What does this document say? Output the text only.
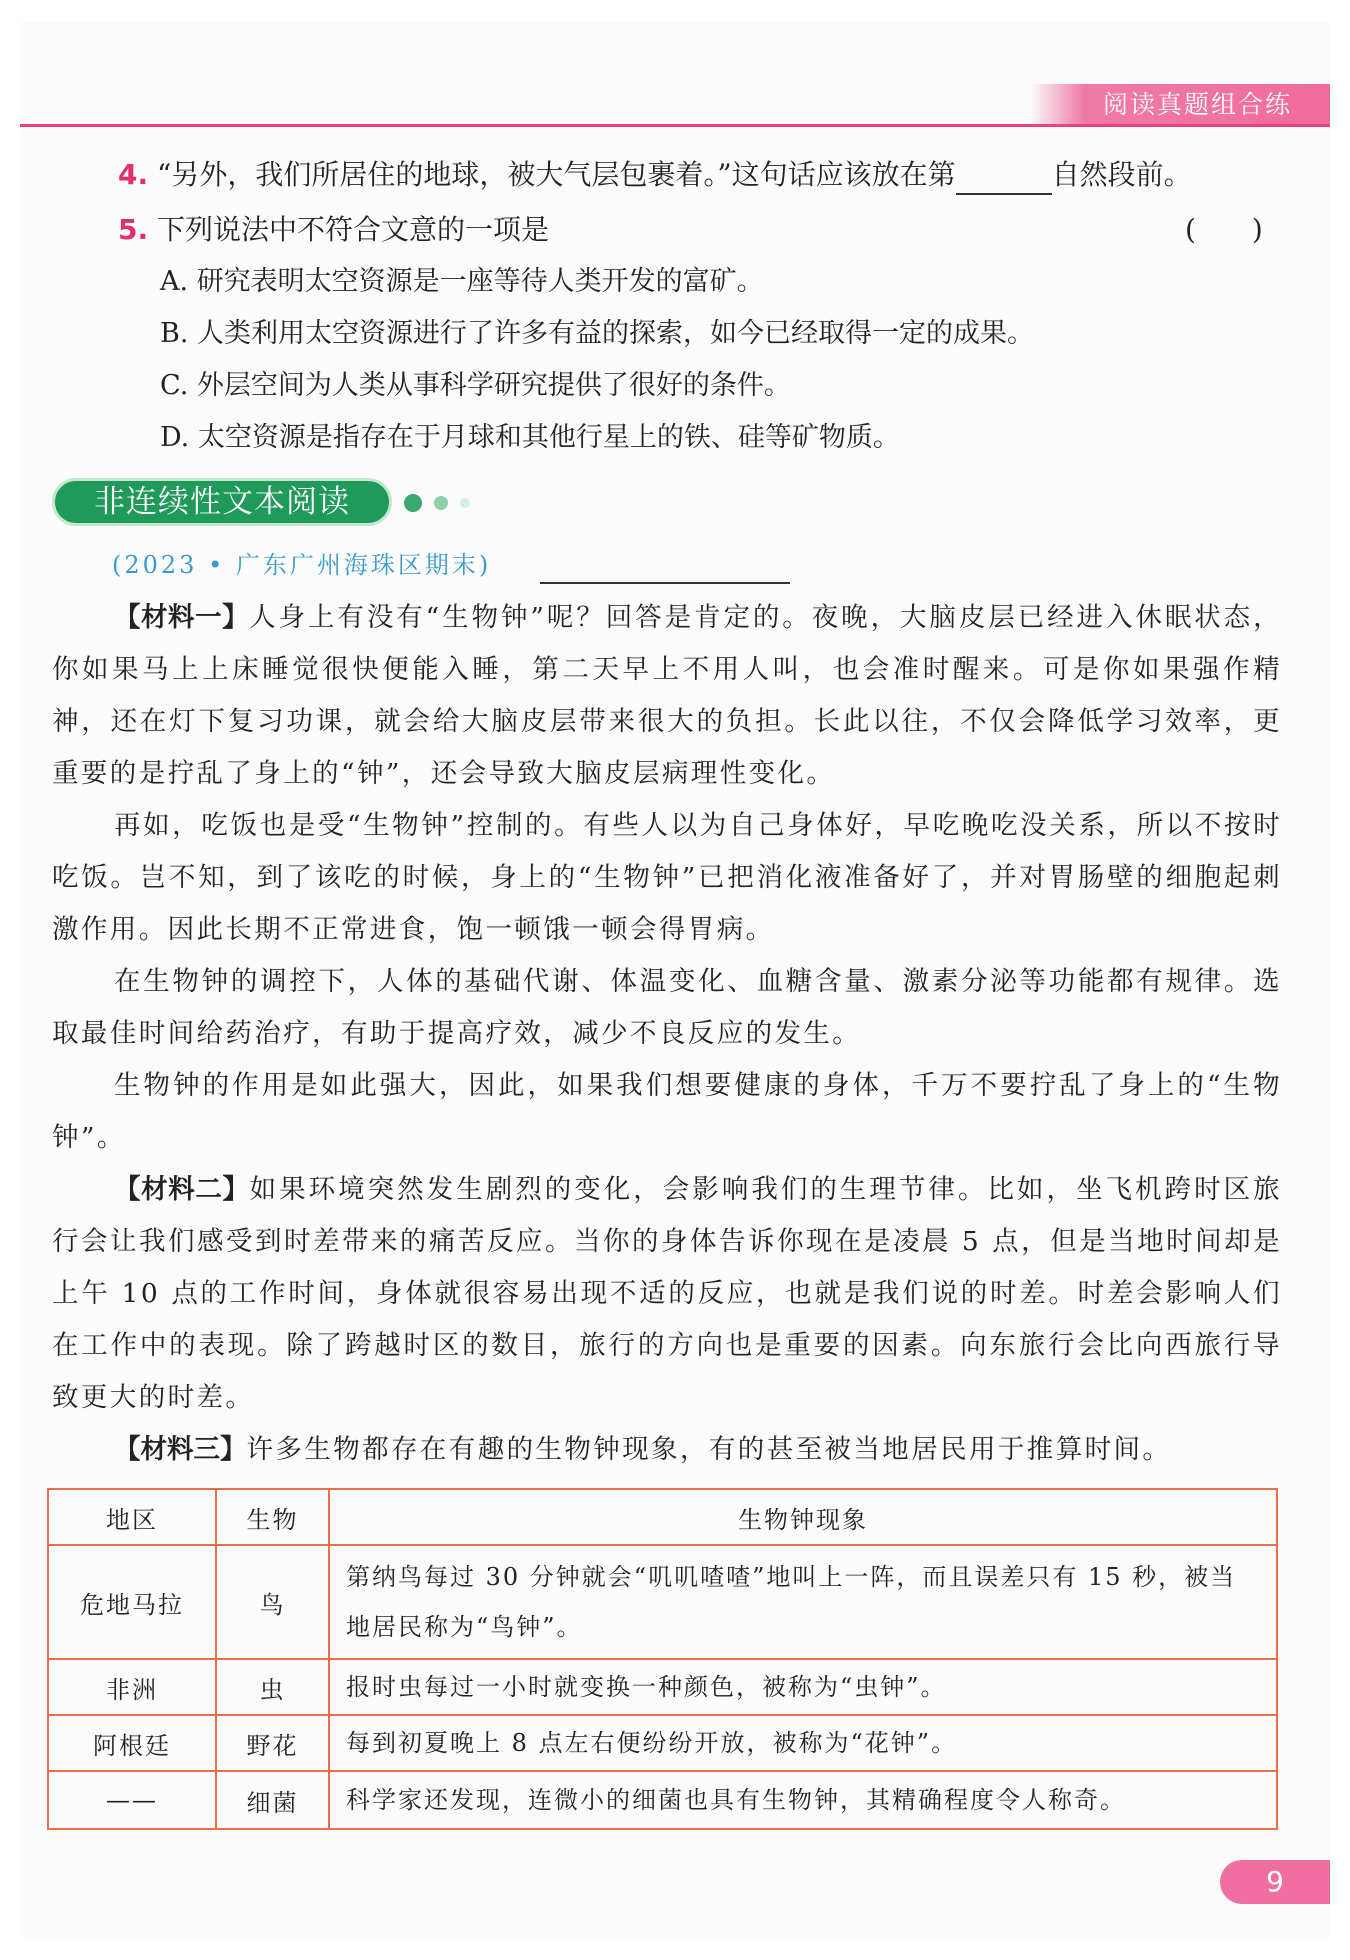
阅读真题组合练
4. “另外，我们所居住的地球，被大气层包裹着。”这句话应该放在第	自然段前。
5. 下列说法中不符合文意的一项是	(　　)
A. 研究表明太空资源是一座等待人类开发的富矿。
B. 人类利用太空资源进行了许多有益的探索，如今已经取得一定的成果。
C. 外层空间为人类从事科学研究提供了很好的条件。
D. 太空资源是指存在于月球和其他行星上的铁、硅等矿物质。
非连续性文本阅读
(2023 • 广东广州海珠区期末)
【材料一】人身上有没有“生物钟”呢？回答是肯定的。夜晚，大脑皮层已经进入休眠状态，你如果马上上床睡觉很快便能入睡，第二天早上不用人叫，也会准时醒来。可是你如果强作精神，还在灯下复习功课，就会给大脑皮层带来很大的负担。长此以往，不仅会降低学习效率，更重要的是拧乱了身上的“钟”，还会导致大脑皮层病理性变化。
再如，吃饭也是受“生物钟”控制的。有些人以为自己身体好，早吃晚吃没关系，所以不按时吃饭。岂不知，到了该吃的时候，身上的“生物钟”已把消化液准备好了，并对胃肠壁的细胞起刺激作用。因此长期不正常进食，饱一顿饿一顿会得胃病。
在生物钟的调控下，人体的基础代谢、体温变化、血糖含量、激素分泌等功能都有规律。选取最佳时间给药治疗，有助于提高疗效，减少不良反应的发生。
生物钟的作用是如此强大，因此，如果我们想要健康的身体，千万不要拧乱了身上的“生物钟”。
【材料二】如果环境突然发生剧烈的变化，会影响我们的生理节律。比如，坐飞机跨时区旅行会让我们感受到时差带来的痛苦反应。当你的身体告诉你现在是凌晨 5 点，但是当地时间却是上午 10 点的工作时间，身体就很容易出现不适的反应，也就是我们说的时差。时差会影响人们在工作中的表现。除了跨越时区的数目，旅行的方向也是重要的因素。向东旅行会比向西旅行导致更大的时差。
【材料三】许多生物都存在有趣的生物钟现象，有的甚至被当地居民用于推算时间。
地区	生物	生物钟现象
危地马拉	鸟	第纳鸟每过 30 分钟就会“叽叽喳喳”地叫上一阵，而且误差只有 15 秒，被当地居民称为“鸟钟”。
非洲	虫	报时虫每过一小时就变换一种颜色，被称为“虫钟”。
阿根廷	野花	每到初夏晚上 8 点左右便纷纷开放，被称为“花钟”。
——	细菌	科学家还发现，连微小的细菌也具有生物钟，其精确程度令人称奇。
9
